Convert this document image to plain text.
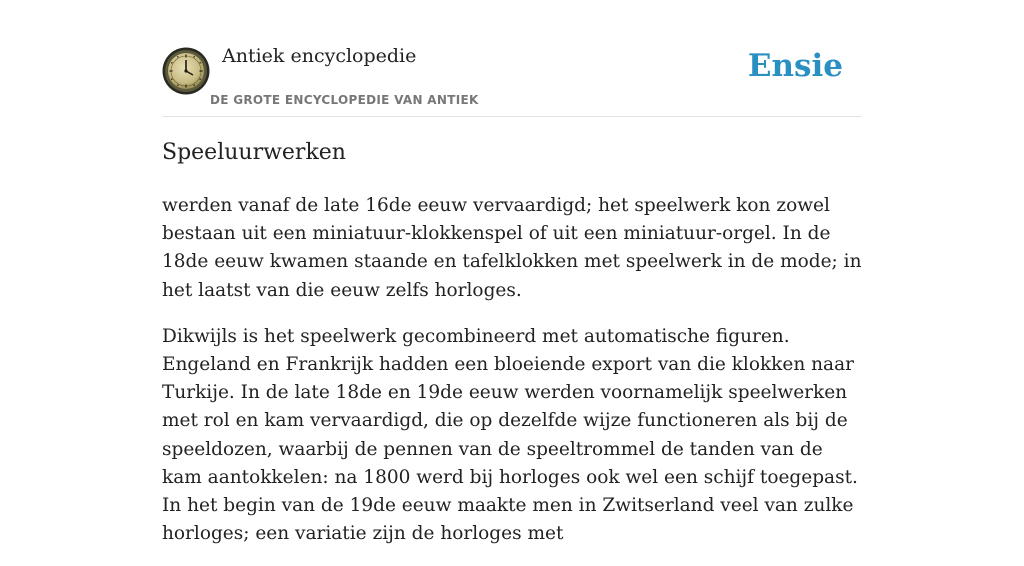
Antiek encyclopedie
DE GROTE ENCYCLOPEDIE VAN ANTIEK
Ensie
Speeluurwerken

werden vanaf de late 16de eeuw vervaardigd; het speelwerk kon zowel bestaan uit een miniatuur-klokkenspel of uit een miniatuur-orgel. In de 18de eeuw kwamen staande en tafelklokken met speelwerk in de mode; in het laatst van die eeuw zelfs horloges.

Dikwijls is het speelwerk gecombineerd met automatische figuren. Engeland en Frankrijk hadden een bloeiende export van die klokken naar Turkije. In de late 18de en 19de eeuw werden voornamelijk speelwerken met rol en kam vervaardigd, die op dezelfde wijze functioneren als bij de speeldozen, waarbij de pennen van de speeltrommel de tanden van de kam aantokkelen: na 1800 werd bij horloges ook wel een schijf toegepast. In het begin van de 19de eeuw maakte men in Zwitserland veel van zulke horloges; een variatie zijn de horloges met
